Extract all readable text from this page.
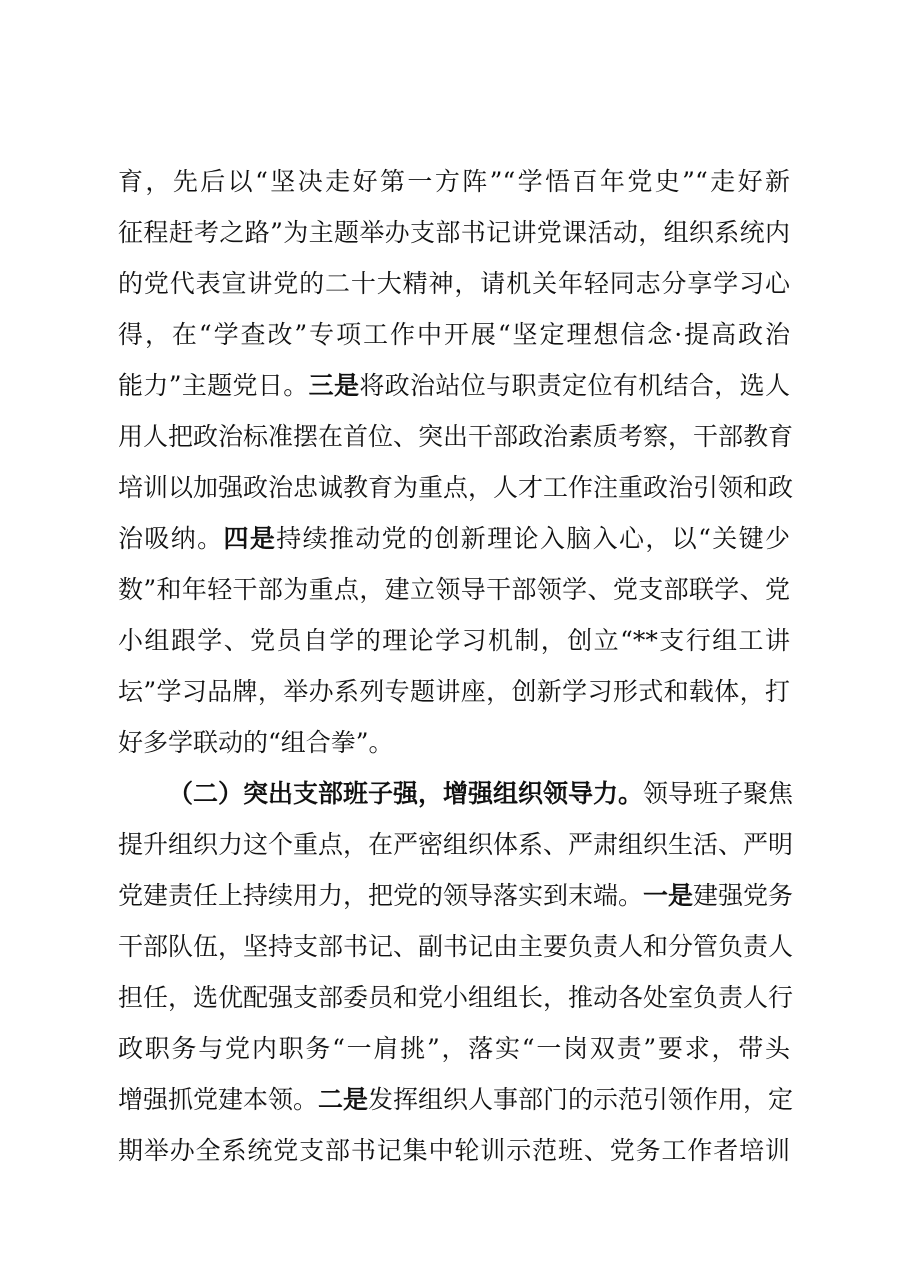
育，先后以“坚决走好第一方阵”“学悟百年党史”“走好新
征程赶考之路”为主题举办支部书记讲党课活动，组织系统内
的党代表宣讲党的二十大精神，请机关年轻同志分享学习心
得，在“学查改”专项工作中开展“坚定理想信念·提高政治
能力”主题党日。三是将政治站位与职责定位有机结合，选人
用人把政治标准摆在首位、突出干部政治素质考察，干部教育
培训以加强政治忠诚教育为重点，人才工作注重政治引领和政
治吸纳。四是持续推动党的创新理论入脑入心，以“关键少
数”和年轻干部为重点，建立领导干部领学、党支部联学、党
小组跟学、党员自学的理论学习机制，创立“**支行组工讲
坛”学习品牌，举办系列专题讲座，创新学习形式和载体，打
好多学联动的“组合拳”。
（二）突出支部班子强，增强组织领导力。领导班子聚焦
提升组织力这个重点，在严密组织体系、严肃组织生活、严明
党建责任上持续用力，把党的领导落实到末端。一是建强党务
干部队伍，坚持支部书记、副书记由主要负责人和分管负责人
担任，选优配强支部委员和党小组组长，推动各处室负责人行
政职务与党内职务“一肩挑”，落实“一岗双责”要求，带头
增强抓党建本领。二是发挥组织人事部门的示范引领作用，定
期举办全系统党支部书记集中轮训示范班、党务工作者培训
